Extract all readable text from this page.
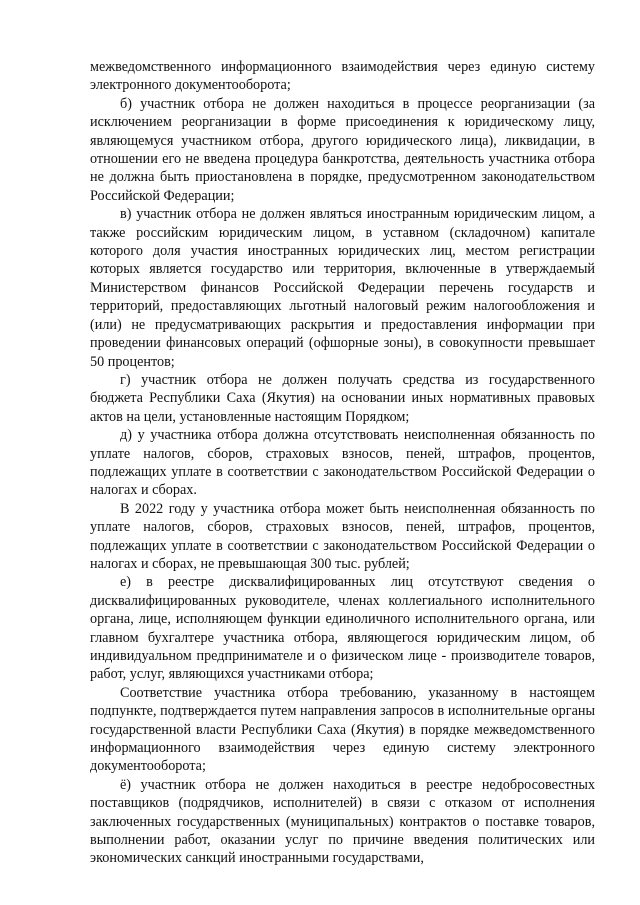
межведомственного информационного взаимодействия через единую систему электронного документооборота;

б) участник отбора не должен находиться в процессе реорганизации (за исключением реорганизации в форме присоединения к юридическому лицу, являющемуся участником отбора, другого юридического лица), ликвидации, в отношении его не введена процедура банкротства, деятельность участника отбора не должна быть приостановлена в порядке, предусмотренном законодательством Российской Федерации;

в) участник отбора не должен являться иностранным юридическим лицом, а также российским юридическим лицом, в уставном (складочном) капитале которого доля участия иностранных юридических лиц, местом регистрации которых является государство или территория, включенные в утверждаемый Министерством финансов Российской Федерации перечень государств и территорий, предоставляющих льготный налоговый режим налогообложения и (или) не предусматривающих раскрытия и предоставления информации при проведении финансовых операций (офшорные зоны), в совокупности превышает 50 процентов;

г) участник отбора не должен получать средства из государственного бюджета Республики Саха (Якутия) на основании иных нормативных правовых актов на цели, установленные настоящим Порядком;

д) у участника отбора должна отсутствовать неисполненная обязанность по уплате налогов, сборов, страховых взносов, пеней, штрафов, процентов, подлежащих уплате в соответствии с законодательством Российской Федерации о налогах и сборах.

В 2022 году у участника отбора может быть неисполненная обязанность по уплате налогов, сборов, страховых взносов, пеней, штрафов, процентов, подлежащих уплате в соответствии с законодательством Российской Федерации о налогах и сборах, не превышающая 300 тыс. рублей;

е) в реестре дисквалифицированных лиц отсутствуют сведения о дисквалифицированных руководителе, членах коллегиального исполнительного органа, лице, исполняющем функции единоличного исполнительного органа, или главном бухгалтере участника отбора, являющегося юридическим лицом, об индивидуальном предпринимателе и о физическом лице - производителе товаров, работ, услуг, являющихся участниками отбора;

Соответствие участника отбора требованию, указанному в настоящем подпункте, подтверждается путем направления запросов в исполнительные органы государственной власти Республики Саха (Якутия) в порядке межведомственного информационного взаимодействия через единую систему электронного документооборота;

ё) участник отбора не должен находиться в реестре недобросовестных поставщиков (подрядчиков, исполнителей) в связи с отказом от исполнения заключенных государственных (муниципальных) контрактов о поставке товаров, выполнении работ, оказании услуг по причине введения политических или экономических санкций иностранными государствами,
